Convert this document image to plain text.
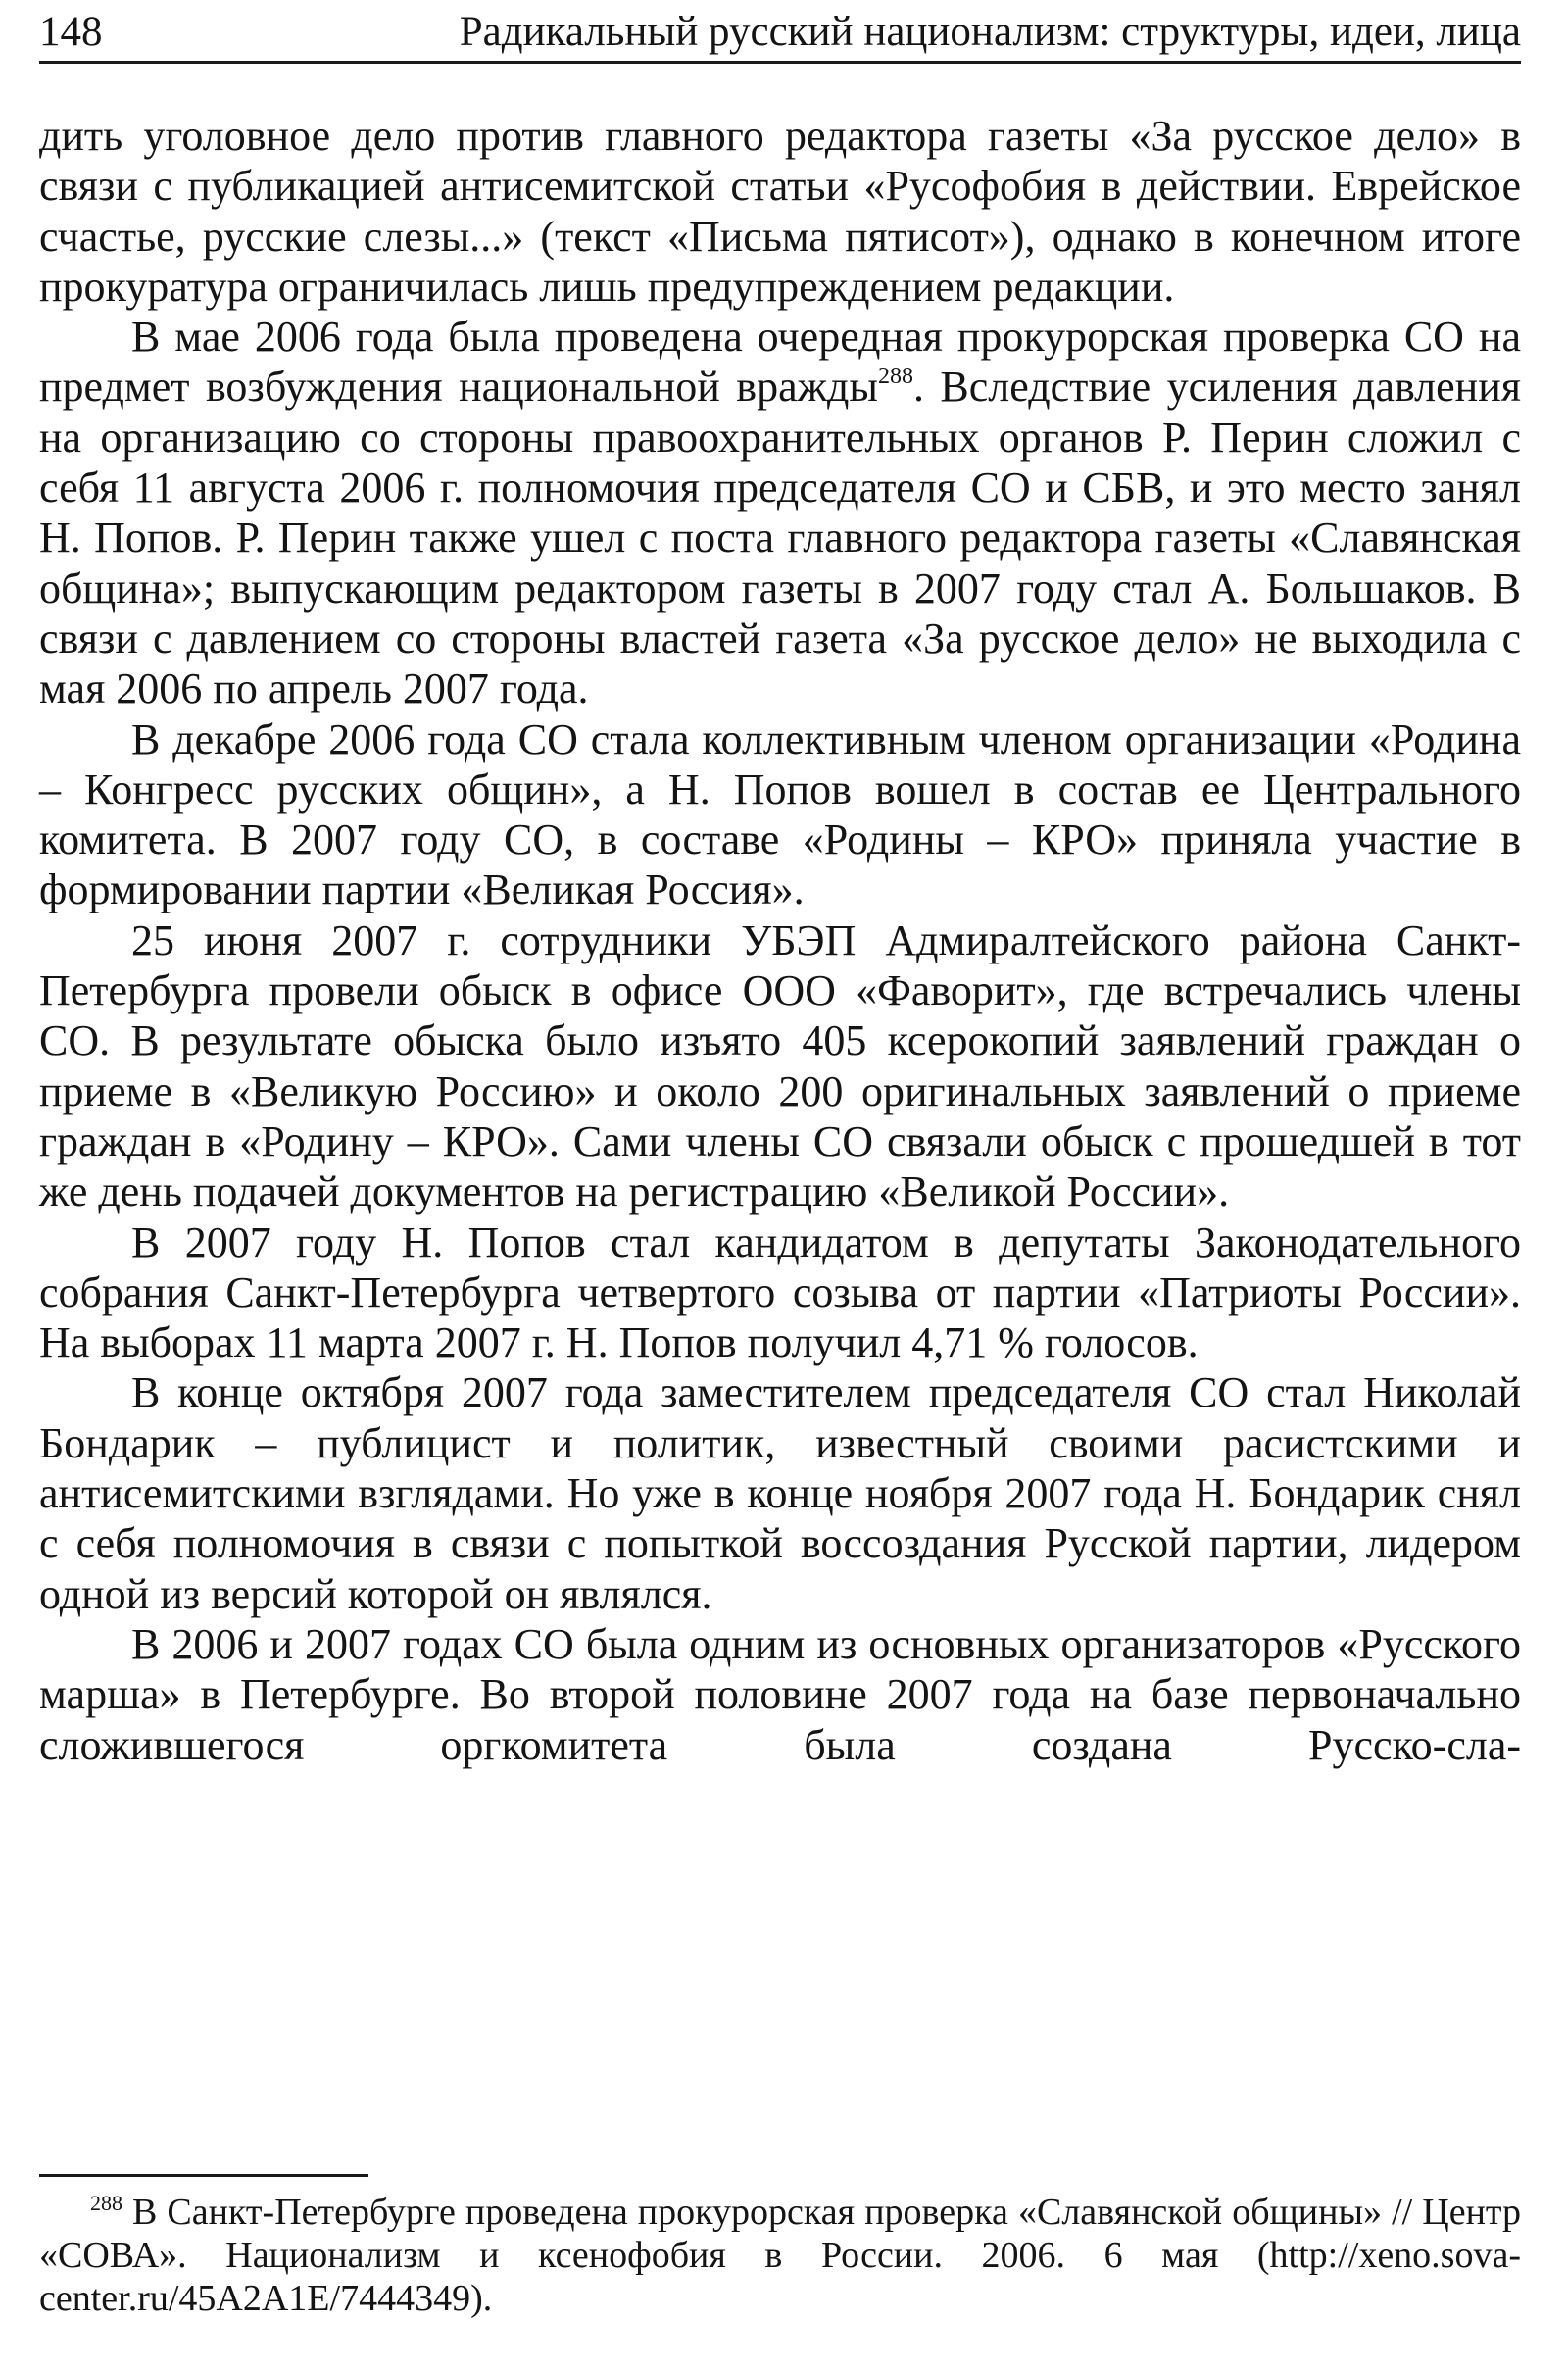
148	Радикальный русский национализм: структуры, идеи, лица

дить уголовное дело против главного редактора газеты «За русское дело» в связи с публикацией антисемитской статьи «Русофобия в действии. Еврейское счастье, русские слезы...» (текст «Письма пятисот»), однако в конечном итоге прокуратура ограничилась лишь предупреждением редакции.

В мае 2006 года была проведена очередная прокурорская проверка СО на предмет возбуждения национальной вражды$^{288}$. Вследствие усиления давления на организацию со стороны правоохранительных органов Р. Перин сложил с себя 11 августа 2006 г. полномочия председателя СО и СБВ, и это место занял Н. Попов. Р. Перин также ушел с поста главного редактора газеты «Славянская община»; выпускающим редактором газеты в 2007 году стал А. Большаков. В связи с давлением со стороны властей газета «За русское дело» не выходила с мая 2006 по апрель 2007 года.

В декабре 2006 года СО стала коллективным членом организации «Родина – Конгресс русских общин», а Н. Попов вошел в состав ее Центрального комитета. В 2007 году СО, в составе «Родины – КРО» приняла участие в формировании партии «Великая Россия».

25 июня 2007 г. сотрудники УБЭП Адмиралтейского района Санкт-Петербурга провели обыск в офисе ООО «Фаворит», где встречались члены СО. В результате обыска было изъято 405 ксерокопий заявлений граждан о приеме в «Великую Россию» и около 200 оригинальных заявлений о приеме граждан в «Родину – КРО». Сами члены СО связали обыск с прошедшей в тот же день подачей документов на регистрацию «Великой России».

В 2007 году Н. Попов стал кандидатом в депутаты Законодательного собрания Санкт-Петербурга четвертого созыва от партии «Патриоты России». На выборах 11 марта 2007 г. Н. Попов получил 4,71 % голосов.

В конце октября 2007 года заместителем председателя СО стал Николай Бондарик – публицист и политик, известный своими расистскими и антисемитскими взглядами. Но уже в конце ноября 2007 года Н. Бондарик снял с себя полномочия в связи с попыткой воссоздания Русской партии, лидером одной из версий которой он являлся.

В 2006 и 2007 годах СО была одним из основных организаторов «Русского марша» в Петербурге. Во второй половине 2007 года на базе первоначально сложившегося оргкомитета была создана Русско-сла-

288 В Санкт-Петербурге проведена прокурорская проверка «Славянской общины» // Центр «СОВА». Национализм и ксенофобия в России. 2006. 6 мая (http://xeno.sova-center.ru/45A2A1E/7444349).
